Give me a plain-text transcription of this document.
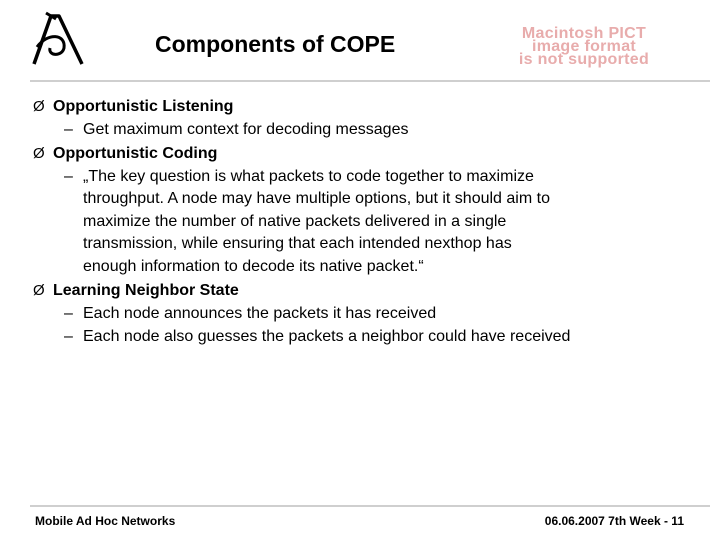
Components of COPE	Macintosh PICT
image format
is not supported
Ø Opportunistic Listening
– Get maximum context for decoding messages
Ø Opportunistic Coding
– „The key question is what packets to code together to maximize
throughput. A node may have multiple options, but it should aim to
maximize the number of native packets delivered in a single
transmission, while ensuring that each intended nexthop has
enough information to decode its native packet.“
Ø Learning Neighbor State
– Each node announces the packets it has received
– Each node also guesses the packets a neighbor could have received
Mobile Ad Hoc Networks	06.06.2007 7th Week - 11
